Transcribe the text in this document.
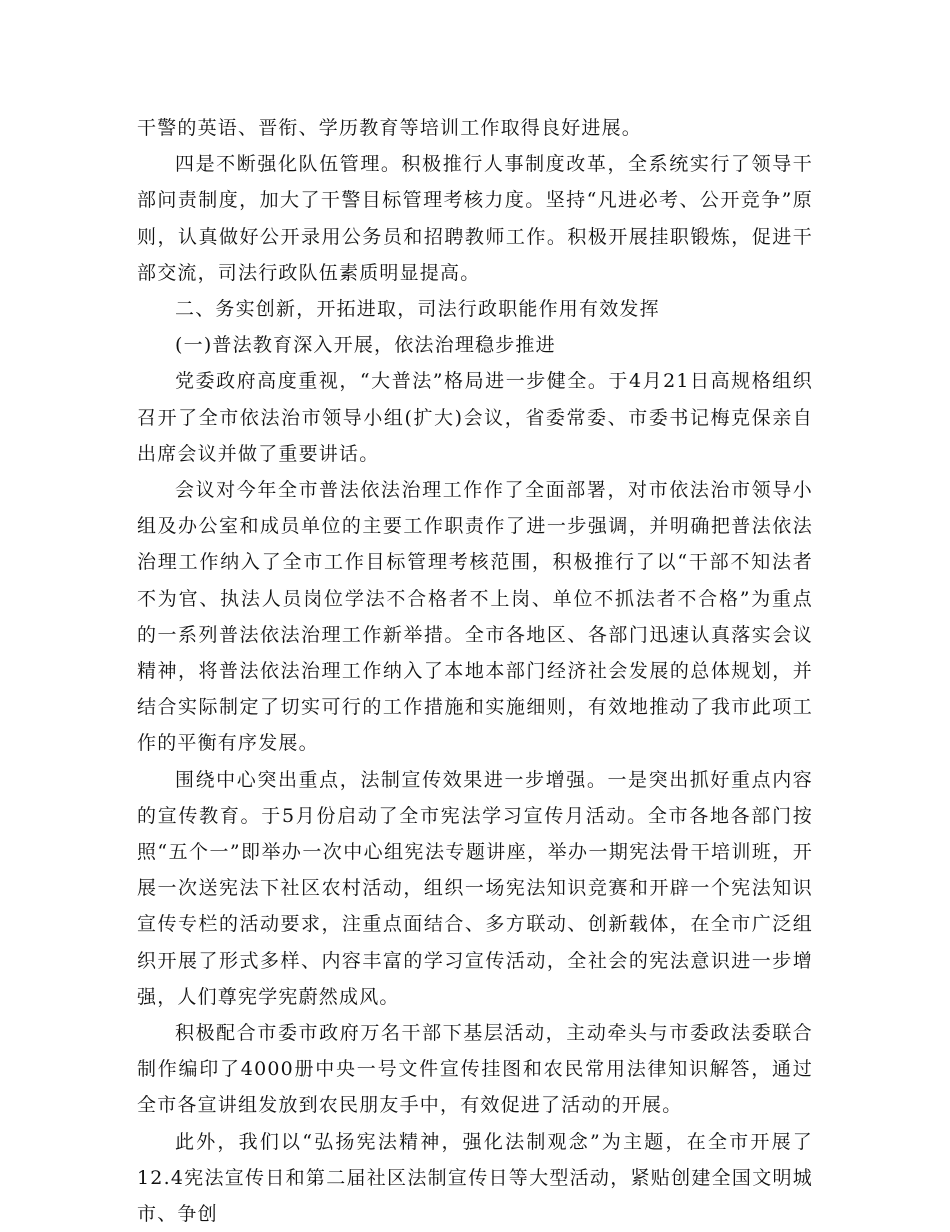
干警的英语、晋衔、学历教育等培训工作取得良好进展。

四是不断强化队伍管理。积极推行人事制度改革，全系统实行了领导干部问责制度，加大了干警目标管理考核力度。坚持“凡进必考、公开竞争”原则，认真做好公开录用公务员和招聘教师工作。积极开展挂职锻炼，促进干部交流，司法行政队伍素质明显提高。

二、务实创新，开拓进取，司法行政职能作用有效发挥

(一)普法教育深入开展，依法治理稳步推进

党委政府高度重视，“大普法”格局进一步健全。于4月21日高规格组织召开了全市依法治市领导小组(扩大)会议，省委常委、市委书记梅克保亲自出席会议并做了重要讲话。

会议对今年全市普法依法治理工作作了全面部署，对市依法治市领导小组及办公室和成员单位的主要工作职责作了进一步强调，并明确把普法依法治理工作纳入了全市工作目标管理考核范围，积极推行了以“干部不知法者不为官、执法人员岗位学法不合格者不上岗、单位不抓法者不合格”为重点的一系列普法依法治理工作新举措。全市各地区、各部门迅速认真落实会议精神，将普法依法治理工作纳入了本地本部门经济社会发展的总体规划，并结合实际制定了切实可行的工作措施和实施细则，有效地推动了我市此项工作的平衡有序发展。

围绕中心突出重点，法制宣传效果进一步增强。一是突出抓好重点内容的宣传教育。于5月份启动了全市宪法学习宣传月活动。全市各地各部门按照“五个一”即举办一次中心组宪法专题讲座，举办一期宪法骨干培训班，开展一次送宪法下社区农村活动，组织一场宪法知识竞赛和开辟一个宪法知识宣传专栏的活动要求，注重点面结合、多方联动、创新载体，在全市广泛组织开展了形式多样、内容丰富的学习宣传活动，全社会的宪法意识进一步增强，人们尊宪学宪蔚然成风。

积极配合市委市政府万名干部下基层活动，主动牵头与市委政法委联合制作编印了4000册中央一号文件宣传挂图和农民常用法律知识解答，通过全市各宣讲组发放到农民朋友手中，有效促进了活动的开展。

此外，我们以“弘扬宪法精神，强化法制观念”为主题，在全市开展了12.4宪法宣传日和第二届社区法制宣传日等大型活动，紧贴创建全国文明城市、争创
